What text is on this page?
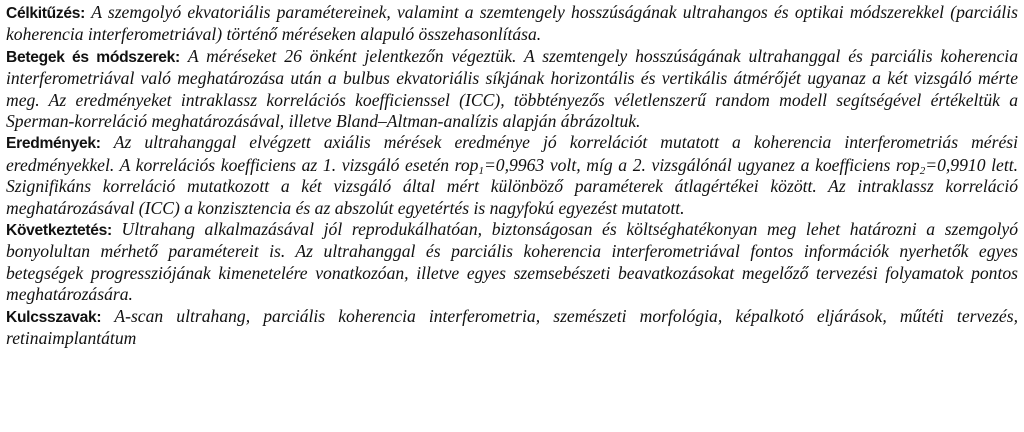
Célkitűzés: A szemgolyó ekvatoriális paramétereinek, valamint a szemtengely hosszúságának ultrahangos és optikai módszerekkel (parciális koherencia interferometriával) történő méréseken alapuló összehasonlítása.

Betegek és módszerek: A méréseket 26 önként jelentkezőn végeztük. A szemtengely hosszúságának ultrahanggal és parciális koherencia interferometriával való meghatározása után a bulbus ekvatoriális síkjának horizontális és vertikális átmérőjét ugyanaz a két vizsgáló mérte meg. Az eredményeket intraklassz korrelációs koefficienssel (ICC), többtényezős véletlenszerű random modell segítségével értékeltük a Sperman-korreláció meghatározásával, illetve Bland–Altman-analízis alapján ábrázoltuk.

Eredmények: Az ultrahanggal elvégzett axiális mérések eredménye jó korrelációt mutatott a koherencia interferometriás mérési eredményekkel. A korrelációs koefficiens az 1. vizsgáló esetén rop$_1$=0,9963 volt, míg a 2. vizsgálónál ugyanez a koefficiens rop$_2$=0,9910 lett. Szignifikáns korreláció mutatkozott a két vizsgáló által mért különböző paraméterek átlagértékei között. Az intraklassz korreláció meghatározásával (ICC) a konzisztencia és az abszolút egyetértés is nagyfokú egyezést mutatott.

Következtetés: Ultrahang alkalmazásával jól reprodukálhatóan, biztonságosan és költséghatékonyan meg lehet határozni a szemgolyó bonyolultan mérhető paramétereit is. Az ultrahanggal és parciális koherencia interferometriával fontos információk nyerhetők egyes betegségek progressziójának kimenetelére vonatkozóan, illetve egyes szemsebészeti beavatkozásokat megelőző tervezési folyamatok pontos meghatározására.

Kulcsszavak: A-scan ultrahang, parciális koherencia interferometria, szemészeti morfológia, képalkotó eljárások, műtéti tervezés, retinaimplantátum
